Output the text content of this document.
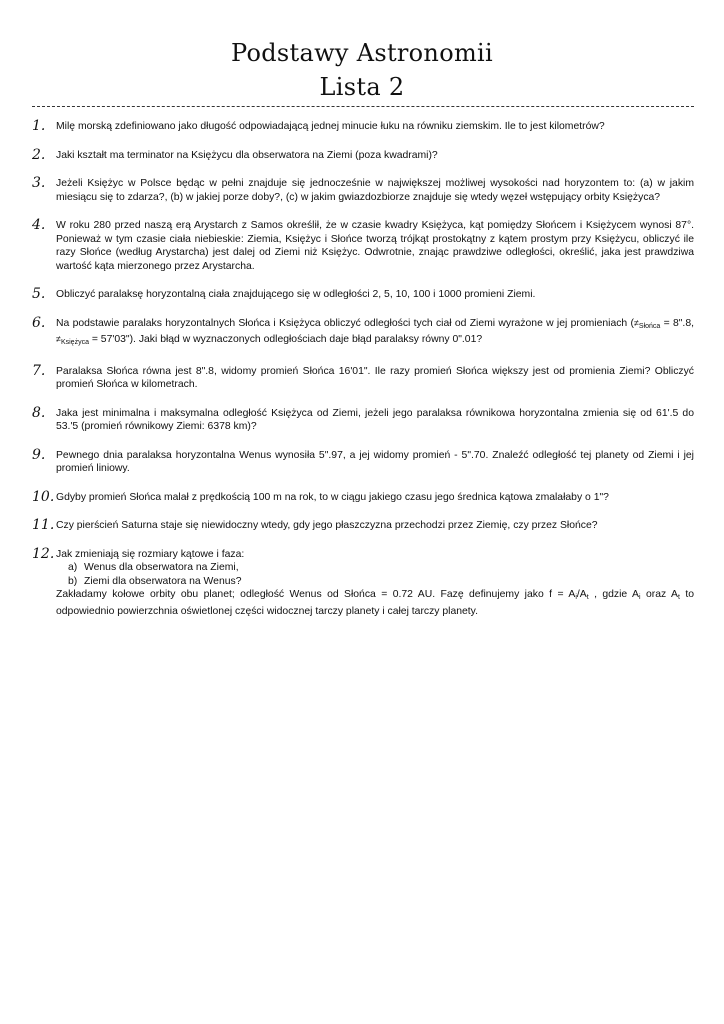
Podstawy Astronomii
Lista 2
1. Milę morską zdefiniowano jako długość odpowiadającą jednej minucie łuku na równiku ziemskim. Ile to jest kilometrów?

2. Jaki kształt ma terminator na Księżycu dla obserwatora na Ziemi (poza kwadrami)?

3. Jeżeli Księżyc w Polsce będąc w pełni znajduje się jednocześnie w największej możliwej wysokości nad horyzontem to: (a) w jakim miesiącu się to zdarza?, (b) w jakiej porze doby?, (c) w jakim gwiazdozbiorze znajduje się wtedy węzeł wstępujący orbity Księżyca?

4. W roku 280 przed naszą erą Arystarch z Samos określił, że w czasie kwadry Księżyca, kąt pomiędzy Słońcem i Księżycem wynosi 87°. Ponieważ w tym czasie ciała niebieskie: Ziemia, Księżyc i Słońce tworzą trójkąt prostokątny z kątem prostym przy Księżycu, obliczyć ile razy Słońce (według Arystarcha) jest dalej od Ziemi niż Księżyc. Odwrotnie, znając prawdziwe odległości, określić, jaka jest prawdziwa wartość kąta mierzonego przez Arystarcha.

5. Obliczyć paralaksę horyzontalną ciała znajdującego się w odległości 2, 5, 10, 100 i 1000 promieni Ziemi.

6. Na podstawie paralaks horyzontalnych Słońca i Księżyca obliczyć odległości tych ciał od Ziemi wyrażone w jej promieniach ($\ne_{Słońca}$ = 8".8, $\ne_{Księżyca}$ = 57'03"). Jaki błąd w wyznaczonych odległościach daje błąd paralaksy równy 0".01?

7. Paralaksa Słońca równa jest 8".8, widomy promień Słońca 16'01". Ile razy promień Słońca większy jest od promienia Ziemi? Obliczyć promień Słońca w kilometrach.

8. Jaka jest minimalna i maksymalna odległość Księżyca od Ziemi, jeżeli jego paralaksa równikowa horyzontalna zmienia się od 61'.5 do 53.'5 (promień równikowy Ziemi: 6378 km)?

9. Pewnego dnia paralaksa horyzontalna Wenus wynosiła 5".97, a jej widomy promień - 5".70. Znaleźć odległość tej planety od Ziemi i jej promień liniowy.

10. Gdyby promień Słońca malał z prędkością 100 m na rok, to w ciągu jakiego czasu jego średnica kątowa zmalałaby o 1"?

11. Czy pierścień Saturna staje się niewidoczny wtedy, gdy jego płaszczyzna przechodzi przez Ziemię, czy przez Słońce?

12. Jak zmieniają się rozmiary kątowe i faza:

a) Wenus dla obserwatora na Ziemi,
b) Ziemi dla obserwatora na Wenus?

Zakładamy kołowe orbity obu planet; odległość Wenus od Słońca = 0.72 AU. Fazę definujemy jako $f = A_i/A_t$ , gdzie $A_i$ oraz $A_t$ to odpowiednio powierzchnia oświetlonej części widocznej tarczy planety i całej tarczy planety.
